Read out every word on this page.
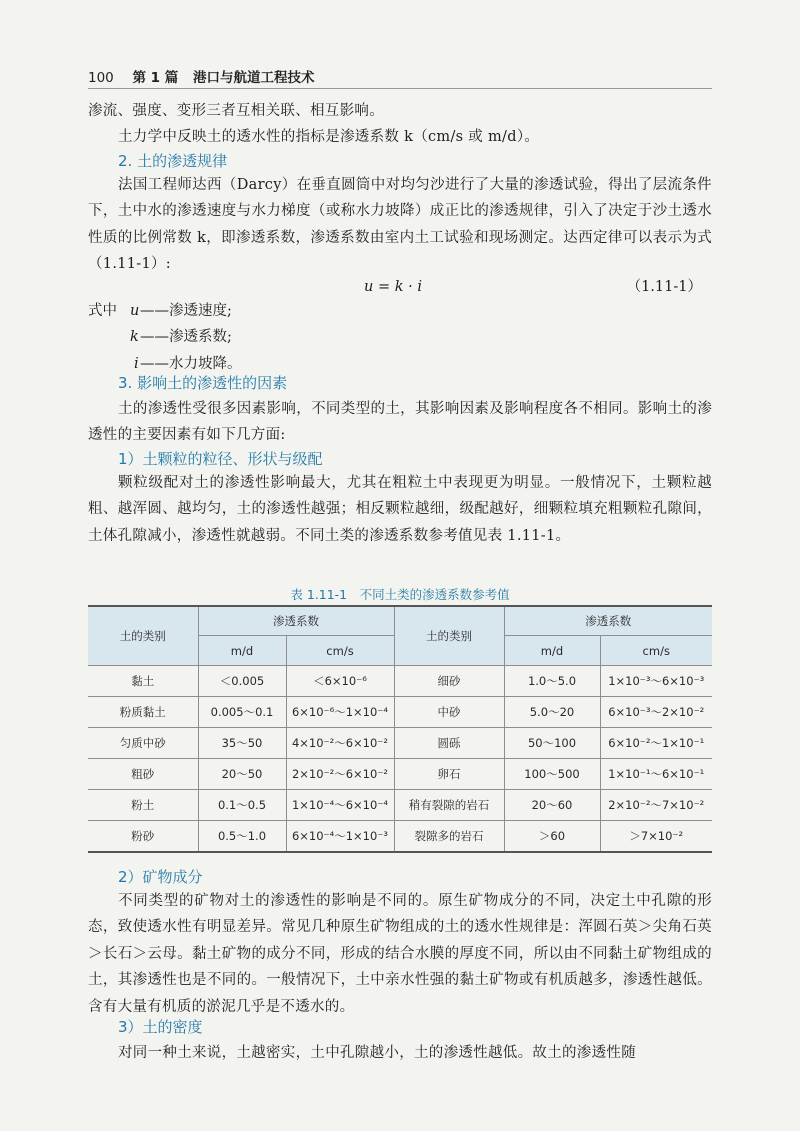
100 第 1 篇 港口与航道工程技术

渗流、强度、变形三者互相关联、相互影响。

土力学中反映土的透水性的指标是渗透系数 k（cm/s 或 m/d）。

2. 土的渗透规律

法国工程师达西（Darcy）在垂直圆筒中对均匀沙进行了大量的渗透试验，得出了层流条件下，土中水的渗透速度与水力梯度（或称水力坡降）成正比的渗透规律，引入了决定于沙土透水性质的比例常数 k，即渗透系数，渗透系数由室内土工试验和现场测定。达西定律可以表示为式（1.11-1）:

u = k · i	（1.11-1）
式中 u ——渗透速度;
k ——渗透系数;
i ——水力坡降。
3. 影响土的渗透性的因素

土的渗透性受很多因素影响，不同类型的土，其影响因素及影响程度各不相同。影响土的渗透性的主要因素有如下几方面:

1）土颗粒的粒径、形状与级配

颗粒级配对土的渗透性影响最大，尤其在粗粒土中表现更为明显。一般情况下，土颗粒越粗、越浑圆、越均匀，土的渗透性越强；相反颗粒越细，级配越好，细颗粒填充粗颗粒孔隙间，土体孔隙减小，渗透性就越弱。不同土类的渗透系数参考值见表 1.11-1。

表 1.11-1　不同土类的渗透系数参考值
土的类别	渗透系数		土的类别	渗透系数	
	m/d	cm/s		m/d	cm/s
黏土	＜0.005	＜6×10⁻⁶	细砂	1.0～5.0	1×10⁻³～6×10⁻³
粉质黏土	0.005～0.1	6×10⁻⁶～1×10⁻⁴	中砂	5.0～20	6×10⁻³～2×10⁻²
匀质中砂	35～50	4×10⁻²～6×10⁻²	圆砾	50～100	6×10⁻²～1×10⁻¹
粗砂	20～50	2×10⁻²～6×10⁻²	卵石	100～500	1×10⁻¹～6×10⁻¹
粉土	0.1～0.5	1×10⁻⁴～6×10⁻⁴	稍有裂隙的岩石	20～60	2×10⁻²～7×10⁻²
粉砂	0.5～1.0	6×10⁻⁴～1×10⁻³	裂隙多的岩石	＞60	＞7×10⁻²
2）矿物成分

不同类型的矿物对土的渗透性的影响是不同的。原生矿物成分的不同，决定土中孔隙的形态，致使透水性有明显差异。常见几种原生矿物组成的土的透水性规律是：浑圆石英＞尖角石英＞长石＞云母。黏土矿物的成分不同，形成的结合水膜的厚度不同，所以由不同黏土矿物组成的土，其渗透性也是不同的。一般情况下，土中亲水性强的黏土矿物或有机质越多，渗透性越低。含有大量有机质的淤泥几乎是不透水的。

3）土的密度

对同一种土来说，土越密实，土中孔隙越小，土的渗透性越低。故土的渗透性随
